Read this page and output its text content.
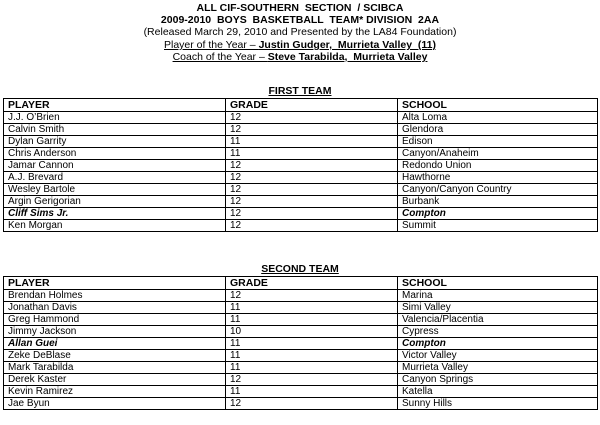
ALL CIF-SOUTHERN  SECTION  / SCIBCA
2009-2010  BOYS  BASKETBALL  TEAM* DIVISION  2AA
(Released March 29, 2010 and Presented by the LA84 Foundation)
Player of the Year – Justin Gudger,  Murrieta Valley  (11)
Coach of the Year – Steve Tarabilda,  Murrieta Valley
FIRST TEAM
PLAYER	GRADE	SCHOOL
J.J. O’Brien	12	Alta Loma
Calvin Smith	12	Glendora
Dylan Garrity	11	Edison
Chris Anderson	11	Canyon/Anaheim
Jamar Cannon	12	Redondo Union
A.J. Brevard	12	Hawthorne
Wesley Bartole	12	Canyon/Canyon Country
Argin Gerigorian	12	Burbank
Cliff Sims Jr.	12	Compton
Ken Morgan	12	Summit
SECOND TEAM
PLAYER	GRADE	SCHOOL
Brendan Holmes	12	Marina
Jonathan Davis	11	Simi Valley
Greg Hammond	11	Valencia/Placentia
Jimmy Jackson	10	Cypress
Allan Guei	11	Compton
Zeke DeBlase	11	Victor Valley
Mark Tarabilda	11	Murrieta Valley
Derek Kaster	12	Canyon Springs
Kevin Ramirez	11	Katella
Jae Byun	12	Sunny Hills
